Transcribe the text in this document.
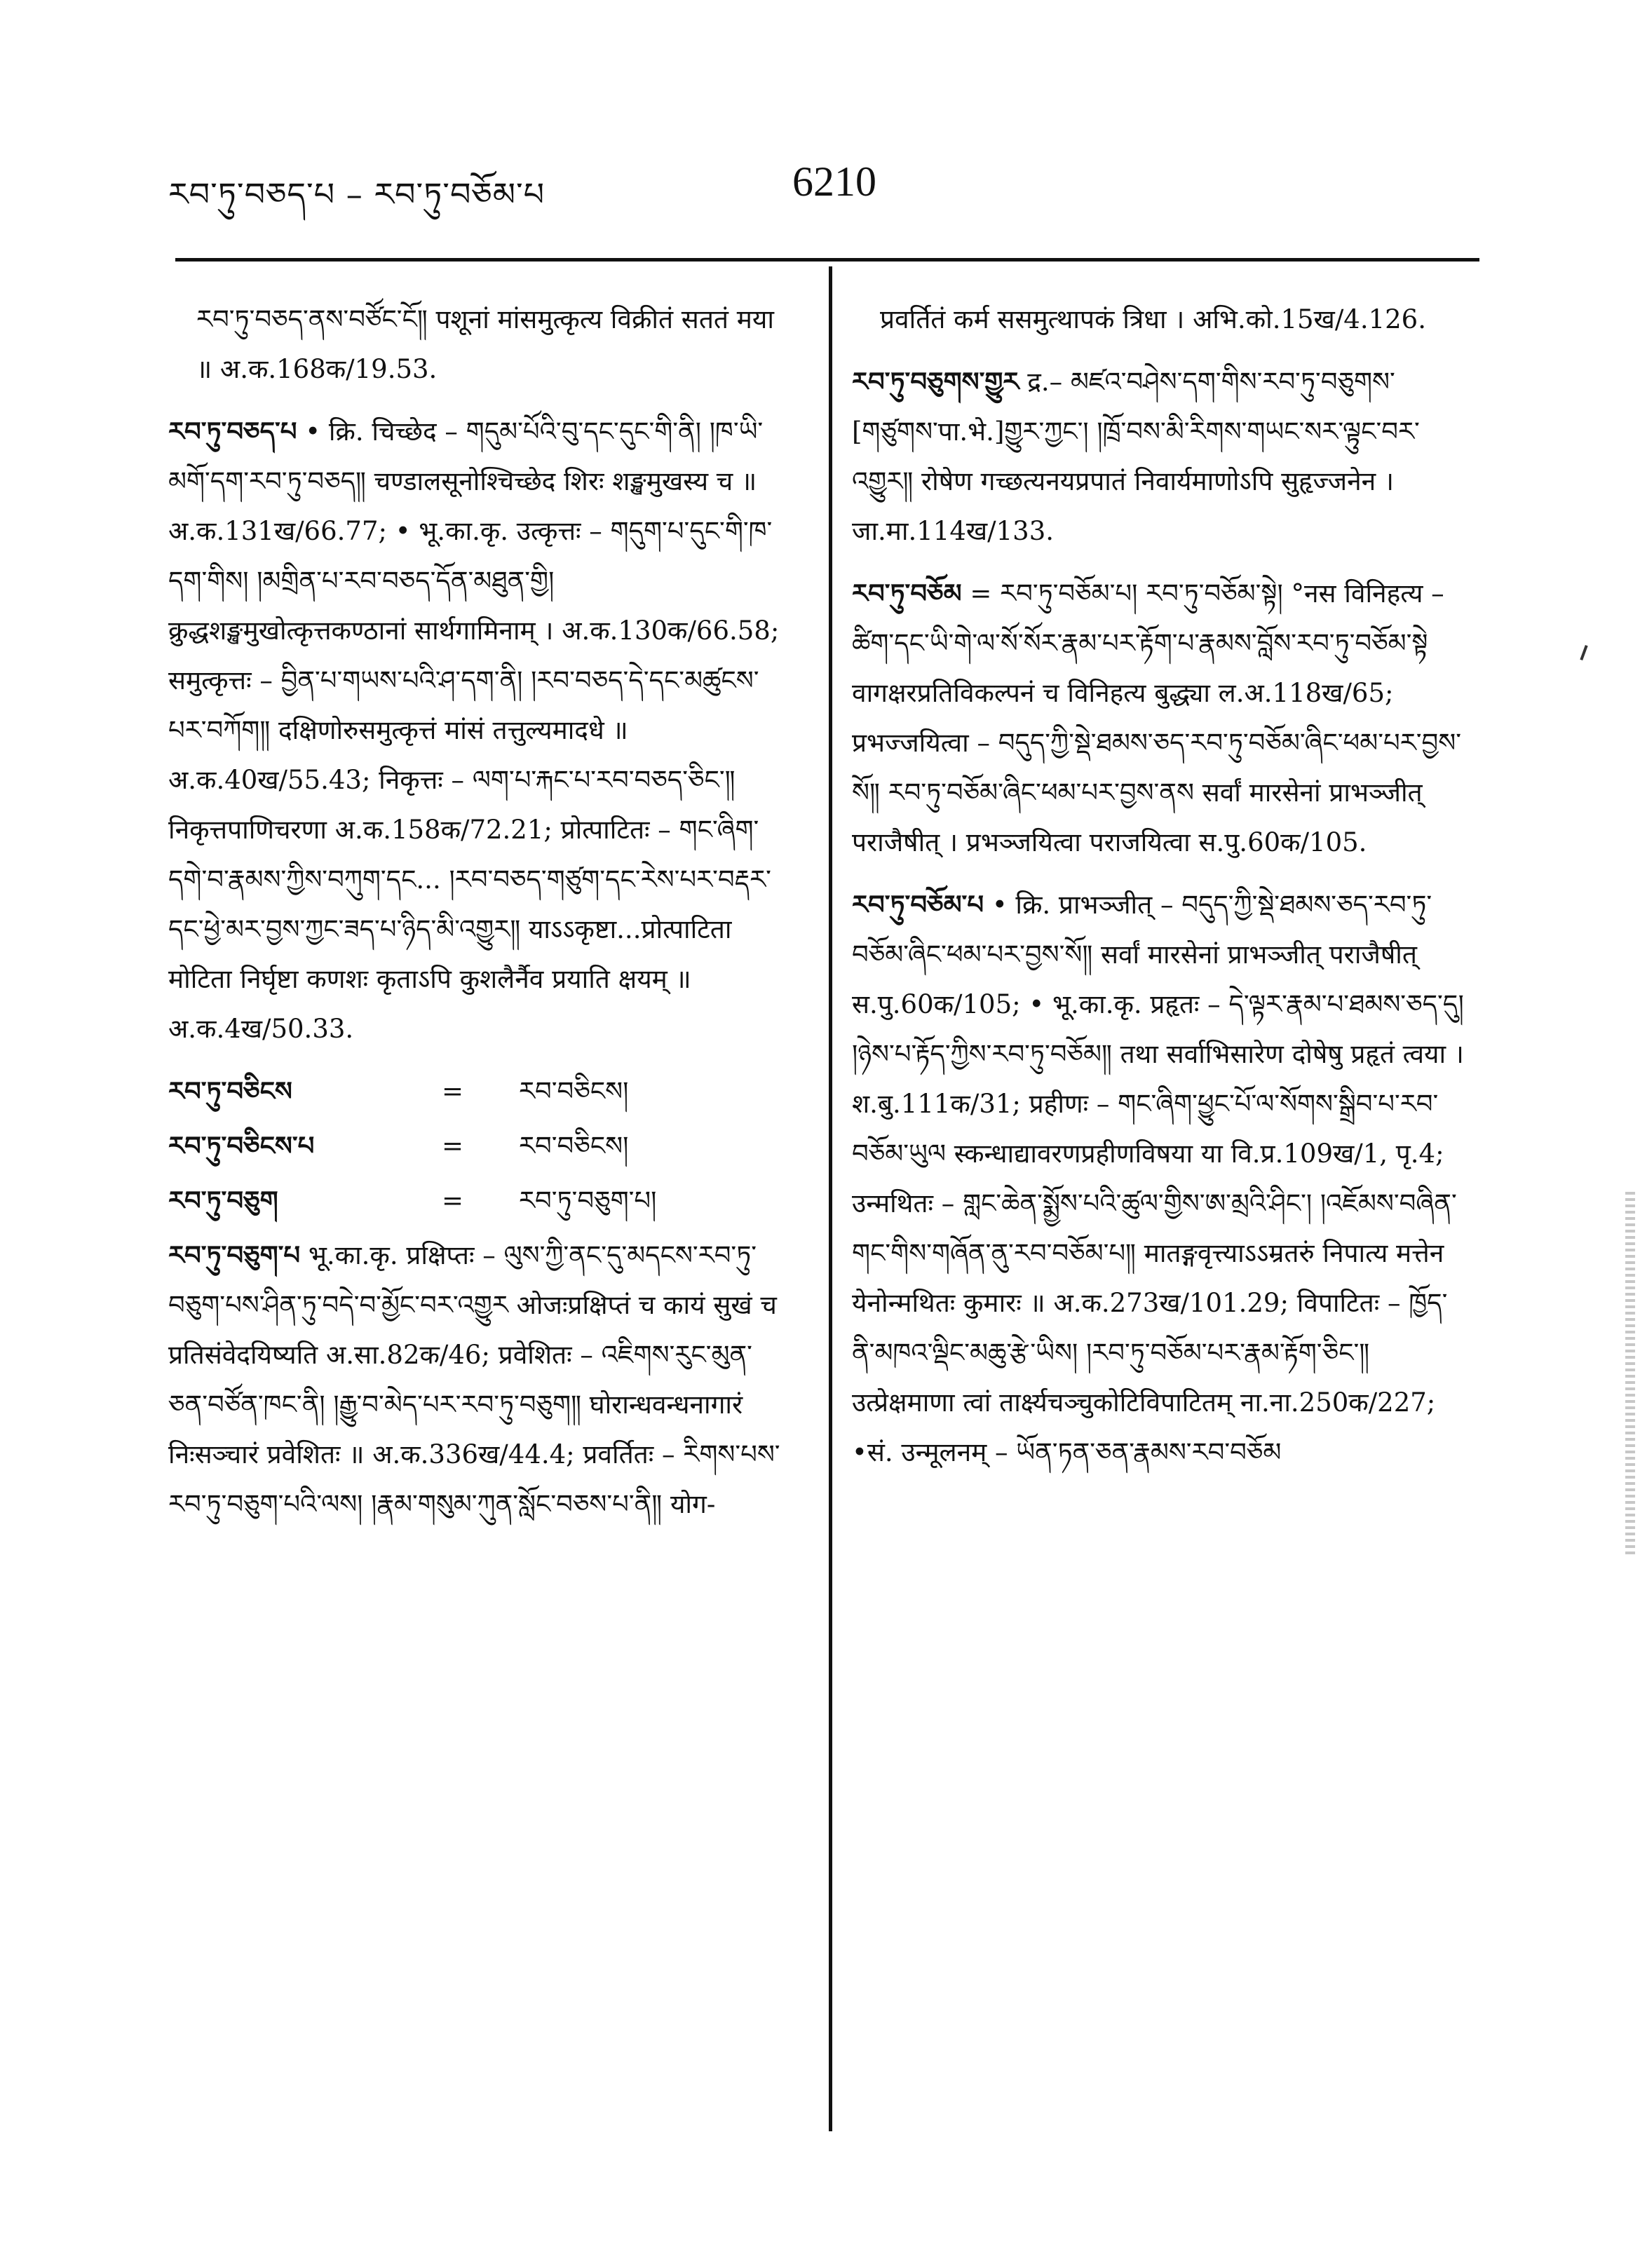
རབ་ཏུ་བཅད་པ – རབ་ཏུ་བཅོམ་པ	6210
རབ་ཏུ་བཅད་ནས་བཙོང་ངོ༎ पशूनां मांसमुत्कृत्य विक्रीतं सततं मया ॥ अ.क.168क/19.53.
རབ་ཏུ་བཅད་པ • क्रि. चिच्छेद – གདུམ་པོའི་བུ་དང་དུང་གི་ནི། །ཁ་ཡི་མགོ་དག་རབ་ཏུ་བཅད༎ चण्डालसूनोश्चिच्छेद शिरः शङ्खमुखस्य च ॥ अ.क.131ख/66.77; • भू.का.कृ. उत्कृत्तः – གདུག་པ་དུང་གི་ཁ་དག་གིས། །མགྲིན་པ་རབ་བཅད་དོན་མཐུན་གྱི། क्रुद्धशङ्खमुखोत्कृत्तकण्ठानां सार्थगामिनाम् । अ.क.130क/66.58; समुत्कृत्तः – བྱིན་པ་གཡས་པའི་ཤ་དག་ནི། །རབ་བཅད་དེ་དང་མཚུངས་པར་བཀོག༎ दक्षिणोरुसमुत्कृत्तं मांसं तत्तुल्यमादधे ॥ अ.क.40ख/55.43; निकृत्तः – ལག་པ་རྐང་པ་རབ་བཅད་ཅིང་༎ निकृत्तपाणिचरणा अ.क.158क/72.21; प्रोत्पाटितः – གང་ཞིག་དགེ་བ་རྣམས་ཀྱིས་བཀུག་དང... །རབ་བཅད་གཙུག་དང་རེས་པར་བརྡར་དང་ཕྱེ་མར་བྱས་ཀྱང་ཟད་པ་ཉིད་མི་འགྱུར༎ याऽऽकृष्टा...प्रोत्पाटिता मोटिता निर्घृष्टा कणशः कृताऽपि कुशलैर्नैव प्रयाति क्षयम् ॥ अ.क.4ख/50.33.
རབ་ཏུ་བཅིངས	=	རབ་བཅིངས།
རབ་ཏུ་བཅིངས་པ	=	རབ་བཅིངས།
རབ་ཏུ་བཅུག	=	རབ་ཏུ་བཅུག་པ།
རབ་ཏུ་བཅུག་པ भू.का.कृ. प्रक्षिप्तः – ལུས་ཀྱི་ནང་དུ་མདངས་རབ་ཏུ་བཅུག་པས་ཤིན་ཏུ་བདེ་བ་མྱོང་བར་འགྱུར ओजःप्रक्षिप्तं च कायं सुखं च प्रतिसंवेदयिष्यति अ.सा.82क/46; प्रवेशितः – འཇིགས་རུང་མུན་ཅན་བཙོན་ཁང་ནི། །རྒྱུ་བ་མེད་པར་རབ་ཏུ་བཅུག༎ घोरान्धवन्धनागारं निःसञ्चारं प्रवेशितः ॥ अ.क.336ख/44.4; प्रवर्तितः – རིགས་པས་རབ་ཏུ་བཅུག་པའི་ལས། །རྣམ་གསུམ་ཀུན་སློང་བཅས་པ་ནི༎ योग-
प्रवर्तितं कर्म ससमुत्थापकं त्रिधा । अभि.को.15ख/4.126.
རབ་ཏུ་བཅུགས་གྱུར द्र.– མཛའ་བཤེས་དག་གིས་རབ་ཏུ་བཅུགས་[གཙུགས་पा.भे.]གྱུར་ཀྱང་། །ཁྲོ་བས་མི་རིགས་གཡང་སར་ལྟུང་བར་འགྱུར༎ रोषेण गच्छत्यनयप्रपातं निवार्यमाणोऽपि सुहृज्जनेन । जा.मा.114ख/133.
རབ་ཏུ་བཅོམ = རབ་ཏུ་བཅོམ་པ། རབ་ཏུ་བཅོམ་སྟེ། °नस विनिहत्य – ཚིག་དང་ཡི་གེ་ལ་སོ་སོར་རྣམ་པར་རྟོག་པ་རྣམས་བློས་རབ་ཏུ་བཅོམ་སྟེ वागक्षरप्रतिविकल्पनं च विनिहत्य बुद्ध्या ल.अ.118ख/65; प्रभज्जयित्वा – བདུད་ཀྱི་སྡེ་ཐམས་ཅད་རབ་ཏུ་བཅོམ་ཞིང་ཕམ་པར་བྱས་སོ༎ རབ་ཏུ་བཅོམ་ཞིང་ཕམ་པར་བྱས་ནས सर्वां मारसेनां प्राभञ्जीत् पराजैषीत् । प्रभञ्जयित्वा पराजयित्वा स.पु.60क/105.
རབ་ཏུ་བཅོམ་པ • क्रि. प्राभञ्जीत् – བདུད་ཀྱི་སྡེ་ཐམས་ཅད་རབ་ཏུ་བཅོམ་ཞིང་ཕམ་པར་བྱས་སོ༎ सर्वां मारसेनां प्राभञ्जीत् पराजैषीत् स.पु.60क/105; • भू.का.कृ. प्रहृतः – དེ་ལྟར་རྣམ་པ་ཐམས་ཅད་དུ། །ཉེས་པ་རྟོད་ཀྱིས་རབ་ཏུ་བཅོམ༎ तथा सर्वाभिसारेण दोषेषु प्रहृतं त्वया । श.बु.111क/31; प्रहीणः – གང་ཞིག་ཕྱུང་པོ་ལ་སོགས་སྒྲིབ་པ་རབ་བཅོམ་ཡུལ स्कन्धाद्यावरणप्रहीणविषया या वि.प्र.109ख/1, पृ.4; उन्मथितः – གླང་ཆེན་སྨྱོས་པའི་ཚུལ་གྱིས་ཨ་མྲའི་ཤིང་། །འཇོམས་བཞིན་གང་གིས་གཞོན་ནུ་རབ་བཅོམ་པ༎ मातङ्गवृत्त्याऽऽम्रतरुं निपात्य मत्तेन येनोन्मथितः कुमारः ॥ अ.क.273ख/101.29; विपाटितः – ཁྱོད་ནི་མཁའ་ལྡིང་མཆུ་རྩེ་ཡིས། །རབ་ཏུ་བཅོམ་པར་རྣམ་རྟོག་ཅིང་༎ उत्प्रेक्षमाणा त्वां तार्क्ष्यचञ्चुकोटिविपाटितम् ना.ना.250क/227; •सं. उन्मूलनम् – ཡོན་ཏན་ཅན་རྣམས་རབ་བཅོམ
